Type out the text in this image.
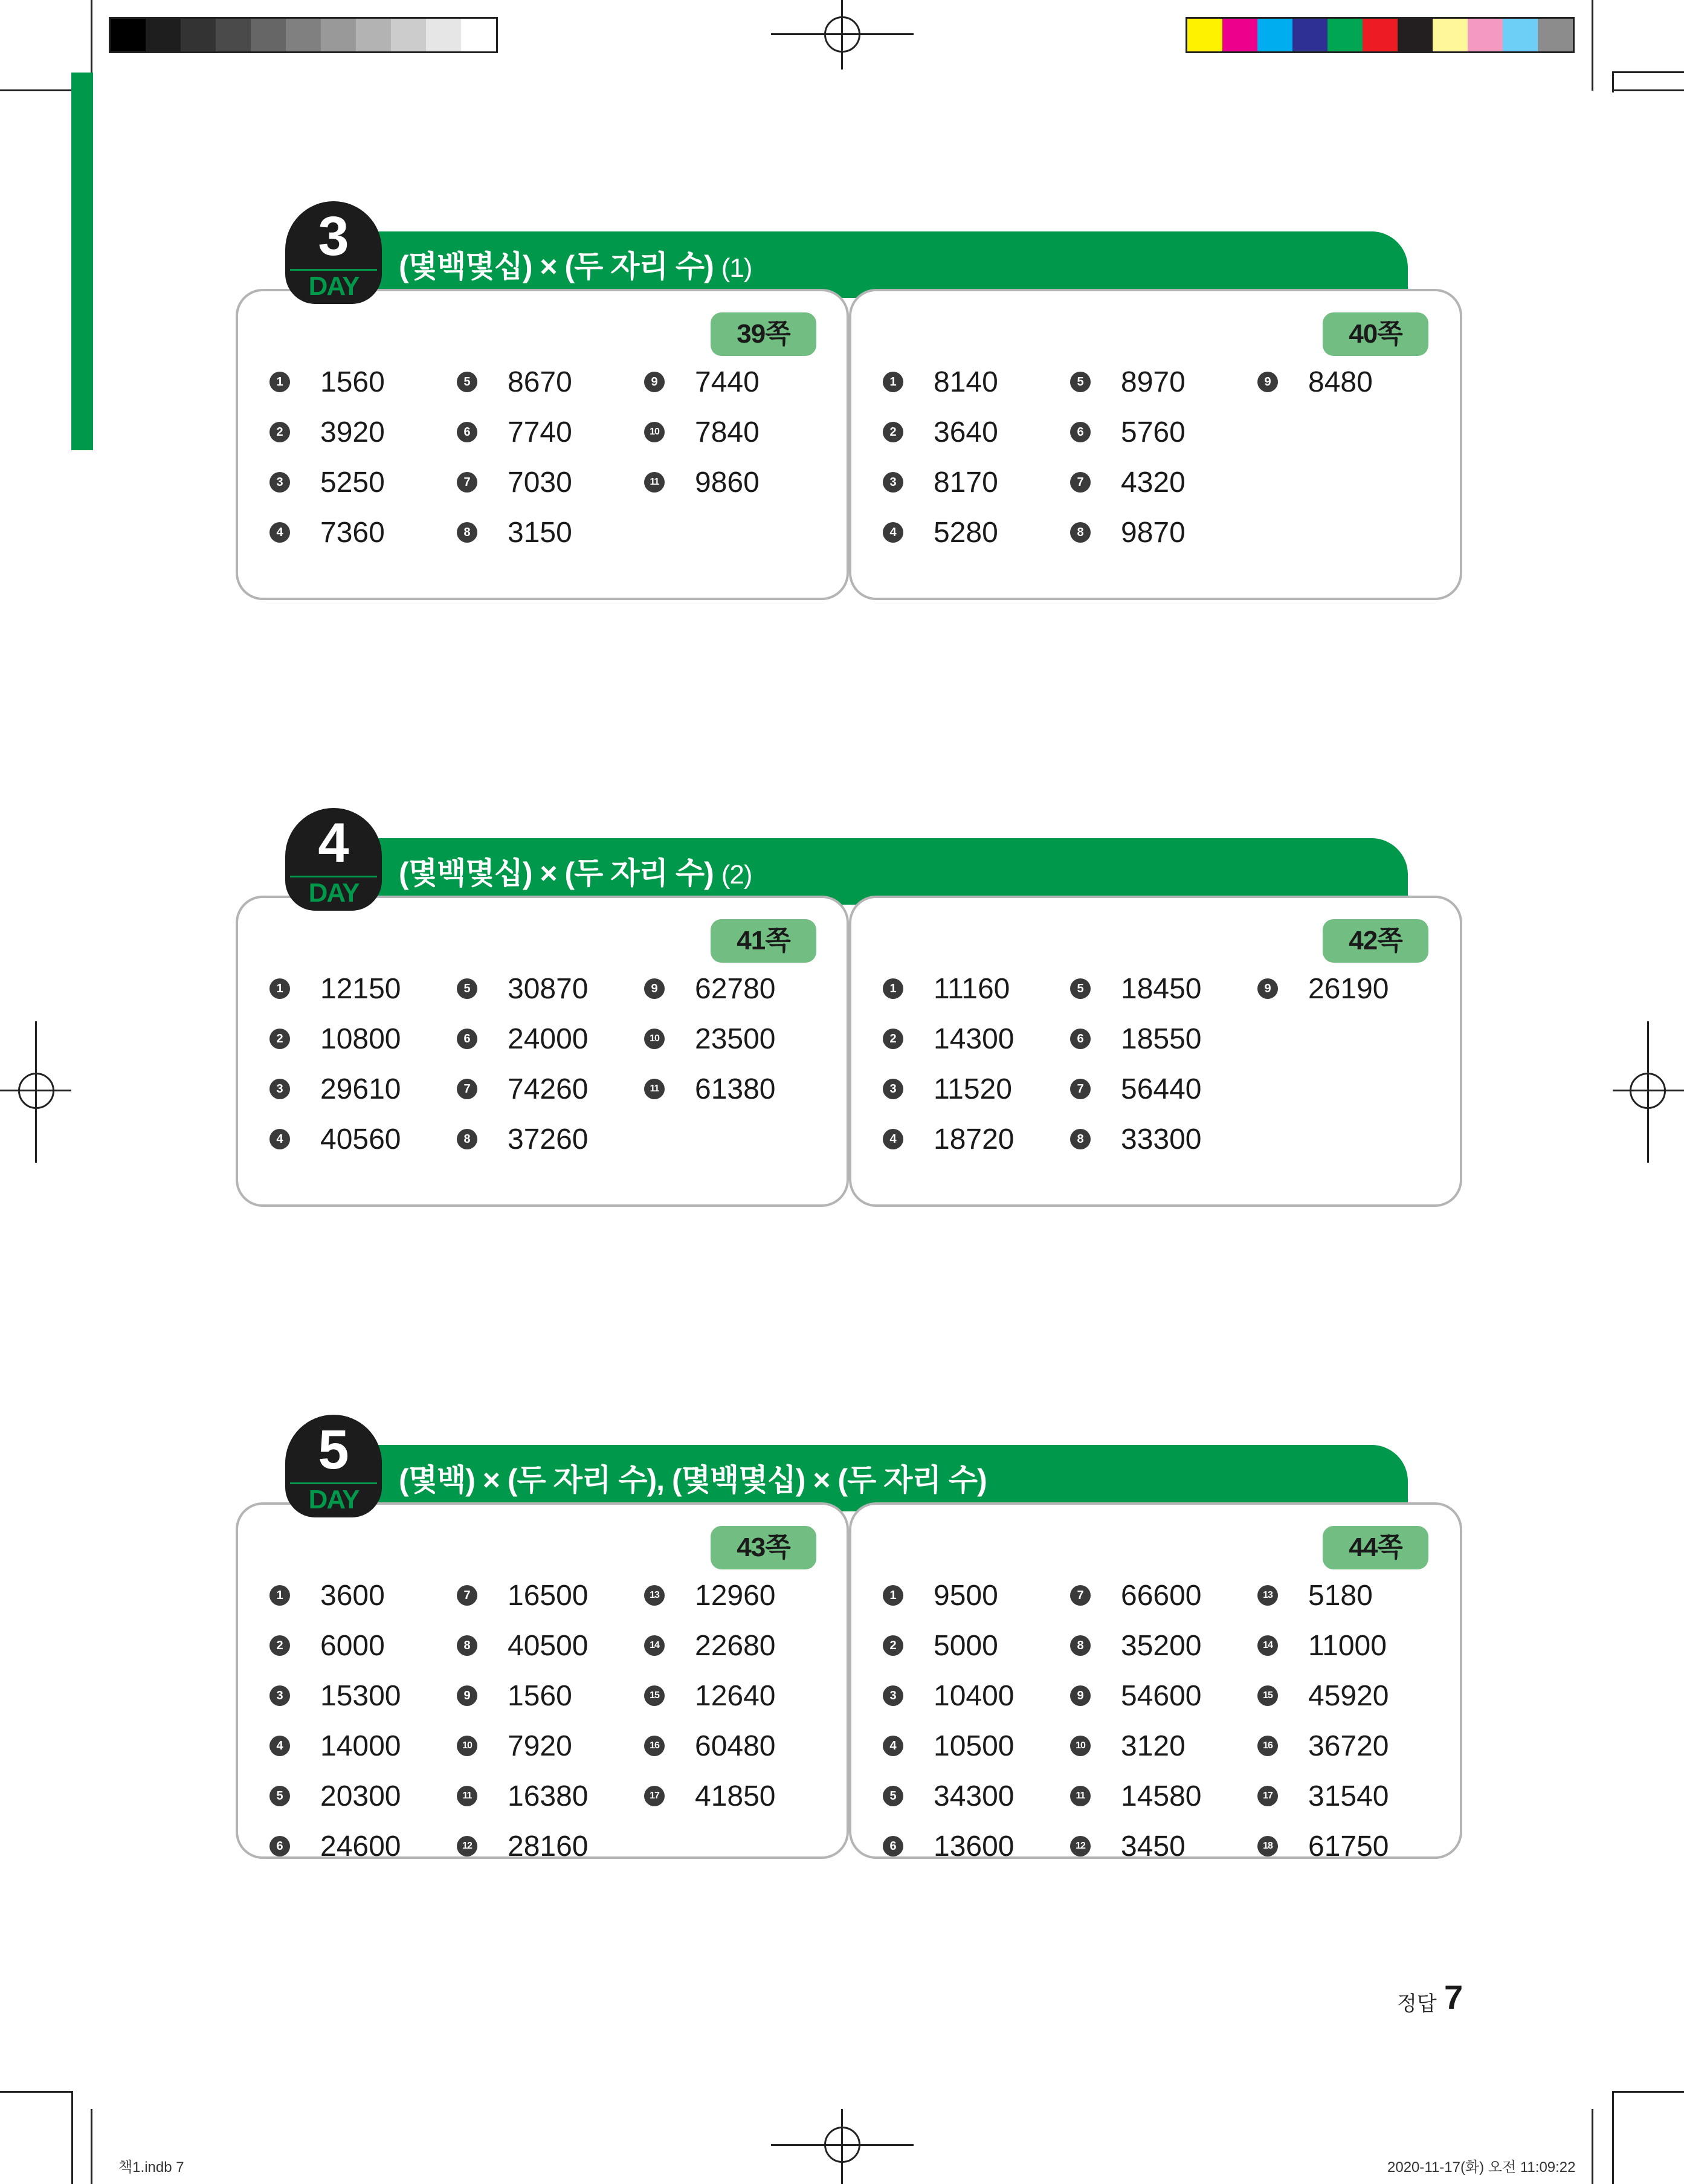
(몇백몇십) × (두 자리 수) (1)
39쪽
1 1560
2 3920
3 5250
4 7360
5 8670
6 7740
7 7030
8 3150
9 7440
10 7840
11 9860
40쪽
1 8140
2 3640
3 8170
4 5280
5 8970
6 5760
7 4320
8 9870
9 8480
3
DAY
(몇백몇십) × (두 자리 수) (2)
41쪽
1 12150
2 10800
3 29610
4 40560
5 30870
6 24000
7 74260
8 37260
9 62780
10 23500
11 61380
42쪽
1 11160
2 14300
3 11520
4 18720
5 18450
6 18550
7 56440
8 33300
9 26190
4
DAY
(몇백) × (두 자리 수), (몇백몇십) × (두 자리 수)
43쪽
1 3600
2 6000
3 15300
4 14000
5 20300
6 24600
7 16500
8 40500
9 1560
10 7920
11 16380
12 28160
13 12960
14 22680
15 12640
16 60480
17 41850
44쪽
1 9500
2 5000
3 10400
4 10500
5 34300
6 13600
7 66600
8 35200
9 54600
10 3120
11 14580
12 3450
13 5180
14 11000
15 45920
16 36720
17 31540
18 61750
5
DAY
정답 7
책1.indb 7	2020-11-17(화) 오전 11:09:22
